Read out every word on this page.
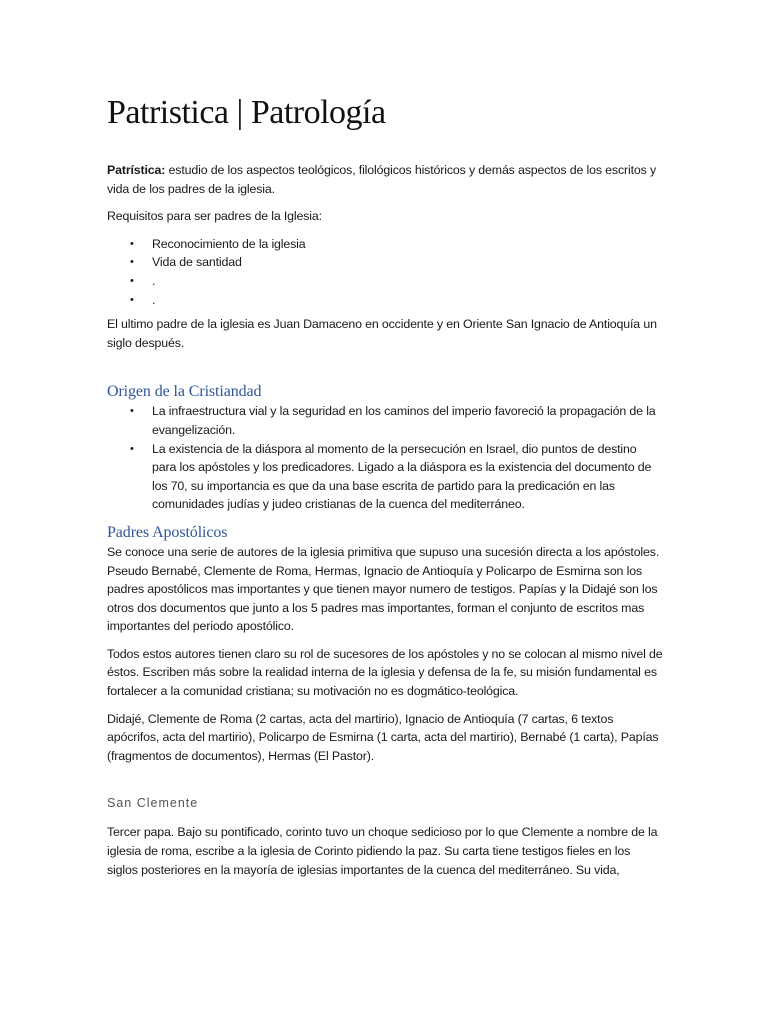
Patristica | Patrología

Patrística: estudio de los aspectos teológicos, filológicos históricos y demás aspectos de los escritos y vida de los padres de la iglesia.

Requisitos para ser padres de la Iglesia:

• Reconocimiento de la iglesia
• Vida de santidad
• .
• .

El ultimo padre de la iglesia es Juan Damaceno en occidente y en Oriente San Ignacio de Antioquía un siglo después.

Origen de la Cristiandad
• La infraestructura vial y la seguridad en los caminos del imperio favoreció la propagación de la evangelización.
• La existencia de la diáspora al momento de la persecución en Israel, dio puntos de destino para los apóstoles y los predicadores. Ligado a la diáspora es la existencia del documento de los 70, su importancia es que da una base escrita de partido para la predicación en las comunidades judías y judeo cristianas de la cuenca del mediterráneo.
Padres Apostólicos

Se conoce una serie de autores de la iglesia primitiva que supuso una sucesión directa a los apóstoles. Pseudo Bernabé, Clemente de Roma, Hermas, Ignacio de Antioquía y Policarpo de Esmirna son los padres apostólicos mas importantes y que tienen mayor numero de testigos. Papías y la Didajé son los otros dos documentos que junto a los 5 padres mas importantes, forman el conjunto de escritos mas importantes del periodo apostólico.

Todos estos autores tienen claro su rol de sucesores de los apóstoles y no se colocan al mismo nivel de éstos. Escriben más sobre la realidad interna de la iglesia y defensa de la fe, su misión fundamental es fortalecer a la comunidad cristiana; su motivación no es dogmático-teológica.

Didajé, Clemente de Roma (2 cartas, acta del martirio), Ignacio de Antioquía (7 cartas, 6 textos apócrifos, acta del martirio), Policarpo de Esmirna (1 carta, acta del martirio), Bernabé (1 carta), Papías (fragmentos de documentos), Hermas (El Pastor).

San Clemente

Tercer papa. Bajo su pontificado, corinto tuvo un choque sedicioso por lo que Clemente a nombre de la iglesia de roma, escribe a la iglesia de Corinto pidiendo la paz. Su carta tiene testigos fieles en los siglos posteriores en la mayoría de iglesias importantes de la cuenca del mediterráneo. Su vida,
